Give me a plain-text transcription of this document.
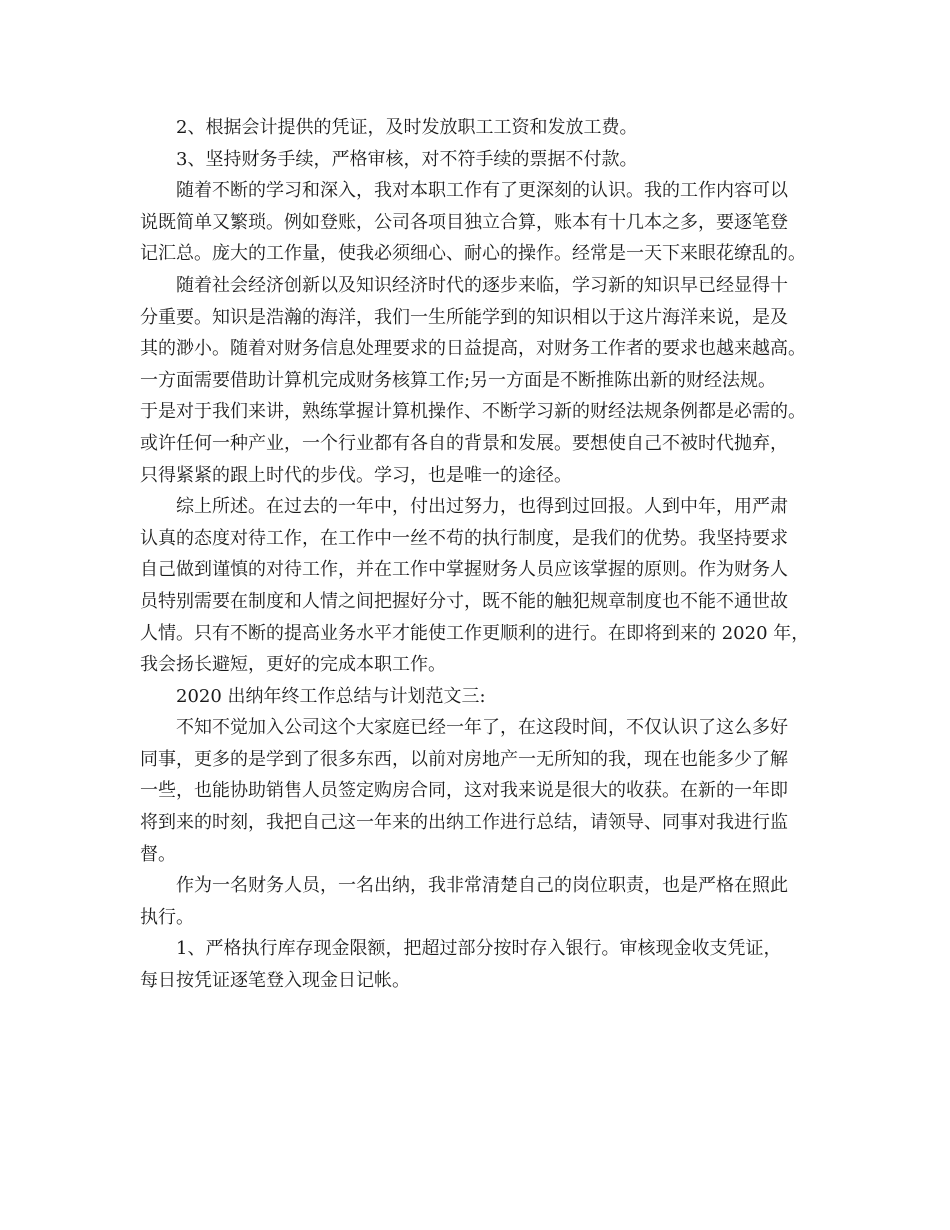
2、根据会计提供的凭证，及时发放职工工资和发放工费。
3、坚持财务手续，严格审核，对不符手续的票据不付款。
随着不断的学习和深入，我对本职工作有了更深刻的认识。我的工作内容可以
说既简单又繁琐。例如登账，公司各项目独立合算，账本有十几本之多，要逐笔登
记汇总。庞大的工作量，使我必须细心、耐心的操作。经常是一天下来眼花缭乱的。
随着社会经济创新以及知识经济时代的逐步来临，学习新的知识早已经显得十
分重要。知识是浩瀚的海洋，我们一生所能学到的知识相以于这片海洋来说，是及
其的渺小。随着对财务信息处理要求的日益提高，对财务工作者的要求也越来越高。
一方面需要借助计算机完成财务核算工作;另一方面是不断推陈出新的财经法规。
于是对于我们来讲，熟练掌握计算机操作、不断学习新的财经法规条例都是必需的。
或许任何一种产业，一个行业都有各自的背景和发展。要想使自己不被时代抛弃，
只得紧紧的跟上时代的步伐。学习，也是唯一的途径。
综上所述。在过去的一年中，付出过努力，也得到过回报。人到中年，用严肃
认真的态度对待工作，在工作中一丝不苟的执行制度，是我们的优势。我坚持要求
自己做到谨慎的对待工作，并在工作中掌握财务人员应该掌握的原则。作为财务人
员特别需要在制度和人情之间把握好分寸，既不能的触犯规章制度也不能不通世故
人情。只有不断的提高业务水平才能使工作更顺利的进行。在即将到来的 2020 年，
我会扬长避短，更好的完成本职工作。
2020 出纳年终工作总结与计划范文三:
不知不觉加入公司这个大家庭已经一年了，在这段时间，不仅认识了这么多好
同事，更多的是学到了很多东西，以前对房地产一无所知的我，现在也能多少了解
一些，也能协助销售人员签定购房合同，这对我来说是很大的收获。在新的一年即
将到来的时刻，我把自己这一年来的出纳工作进行总结，请领导、同事对我进行监
督。
作为一名财务人员，一名出纳，我非常清楚自己的岗位职责，也是严格在照此
执行。
1、严格执行库存现金限额，把超过部分按时存入银行。审核现金收支凭证，
每日按凭证逐笔登入现金日记帐。
